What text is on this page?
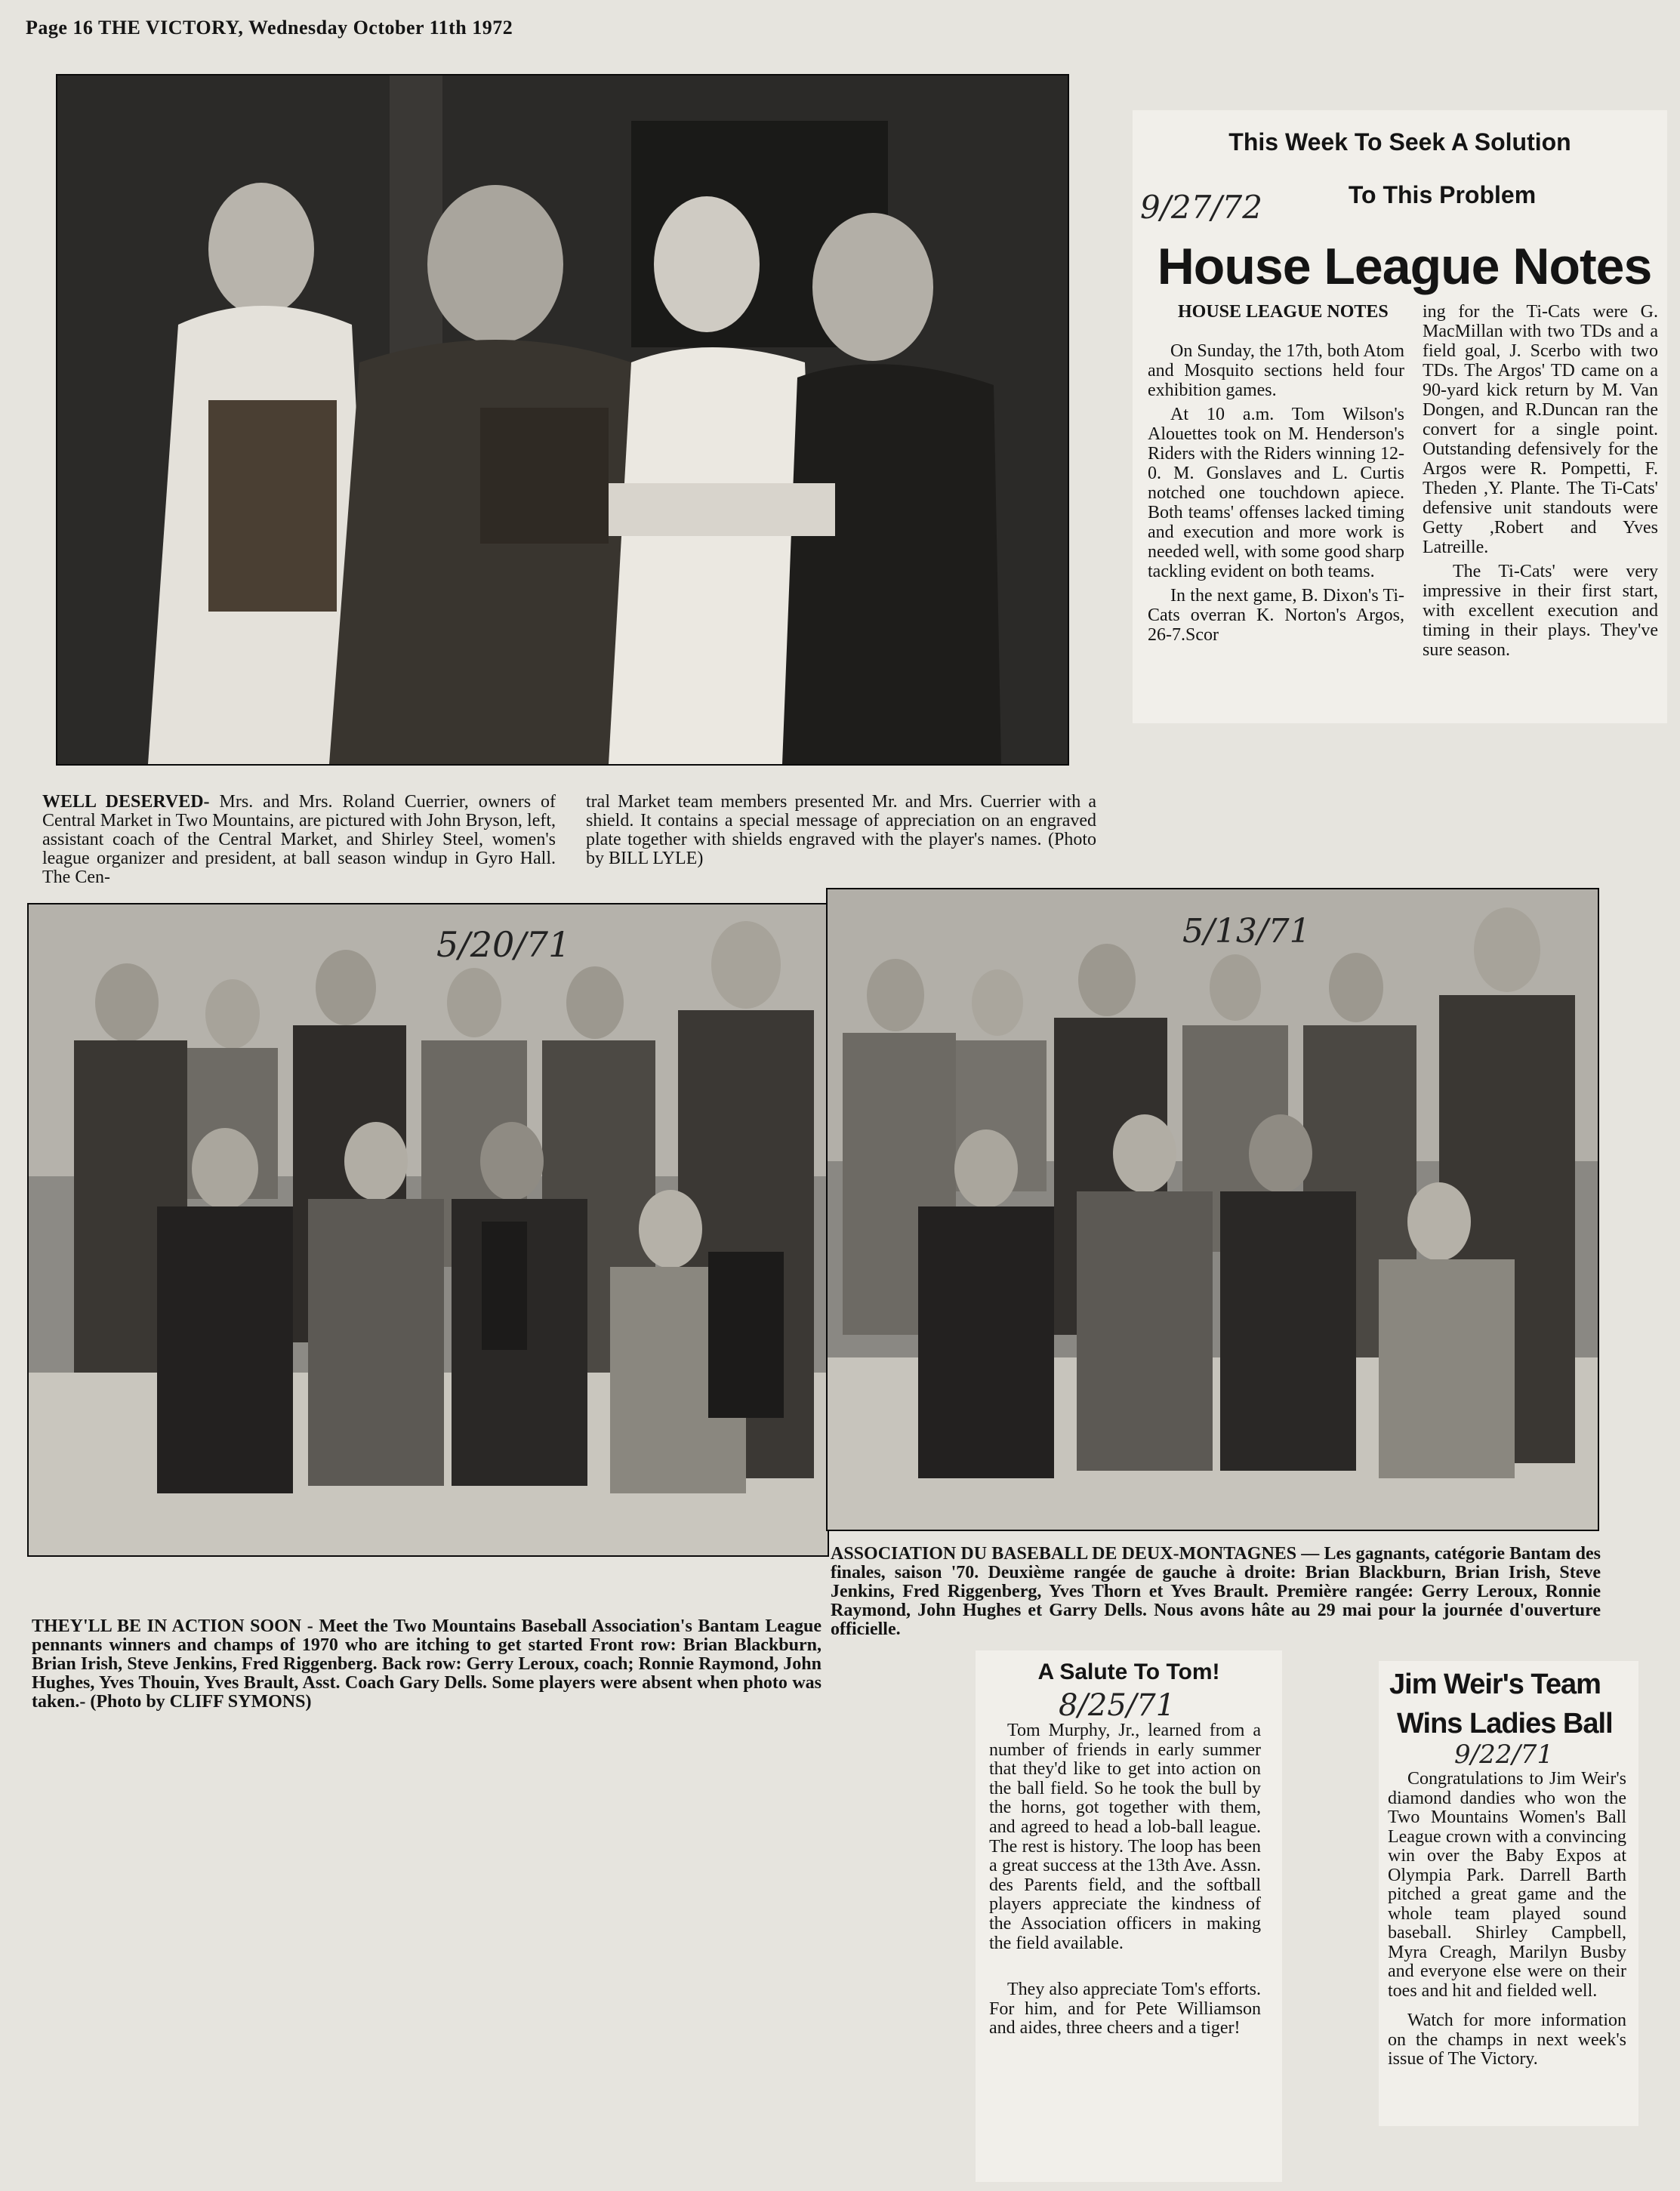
Page 16 THE VICTORY, Wednesday October 11th 1972
This Week To Seek A Solution
To This Problem
9/27/72
House League Notes
HOUSE LEAGUE NOTES

On Sunday, the 17th, both Atom and Mosquito sections held four exhibition games.

At 10 a.m. Tom Wilson's Alouettes took on M. Henderson's Riders with the Riders winning 12-0. M. Gonslaves and L. Curtis notched one touchdown apiece. Both teams' offenses lacked timing and execution and more work is needed well, with some good sharp tackling evident on both teams.

In the next game, B. Dixon's Ti-Cats overran K. Norton's Argos, 26-7.Scor

ing for the Ti-Cats were G. MacMillan with two TDs and a field goal, J. Scerbo with two TDs. The Argos' TD came on a 90-yard kick return by M. Van Dongen, and R.Duncan ran the convert for a single point. Outstanding defensively for the Argos were R. Pompetti, F. Theden ,Y. Plante. The Ti-Cats' defensive unit standouts were Getty ,Robert and Yves Latreille.

The Ti-Cats' were very impressive in their first start, with excellent execution and timing in their plays. They've sure season.

WELL DESERVED- Mrs. and Mrs. Roland Cuerrier, owners of Central Market in Two Mountains, are pictured with John Bryson, left, assistant coach of the Central Market, and Shirley Steel, women's league organizer and president, at ball season windup in Gyro Hall. The Cen-
tral Market team members presented Mr. and Mrs. Cuerrier with a shield. It contains a special message of appreciation on an engraved plate together with shields engraved with the player's names. (Photo by BILL LYLE)
5/20/71	5/13/71
ASSOCIATION DU BASEBALL DE DEUX-MONTAGNES — Les gagnants, catégorie Bantam des finales, saison '70. Deuxième rangée de gauche à droite: Brian Blackburn, Brian Irish, Steve Jenkins, Fred Riggenberg, Yves Thorn et Yves Brault. Première rangée: Gerry Leroux, Ronnie Raymond, John Hughes et Garry Dells. Nous avons hâte au 29 mai pour la journée d'ouverture officielle.
THEY'LL BE IN ACTION SOON - Meet the Two Mountains Baseball Association's Bantam League pennants winners and champs of 1970 who are itching to get started Front row: Brian Blackburn, Brian Irish, Steve Jenkins, Fred Riggenberg. Back row: Gerry Leroux, coach; Ronnie Raymond, John Hughes, Yves Thouin, Yves Brault, Asst. Coach Gary Dells. Some players were absent when photo was taken.- (Photo by CLIFF SYMONS)
A Salute To Tom!
8/25/71

Tom Murphy, Jr., learned from a number of friends in early summer that they'd like to get into action on the ball field. So he took the bull by the horns, got together with them, and agreed to head a lob-ball league. The rest is history. The loop has been a great success at the 13th Ave. Assn. des Parents field, and the softball players appreciate the kindness of the Association officers in making the field available.

They also appreciate Tom's efforts. For him, and for Pete Williamson and aides, three cheers and a tiger!

Jim Weir's Team
Wins Ladies Ball
9/22/71

Congratulations to Jim Weir's diamond dandies who won the Two Mountains Women's Ball League crown with a convincing win over the Baby Expos at Olympia Park. Darrell Barth pitched a great game and the whole team played sound baseball. Shirley Campbell, Myra Creagh, Marilyn Busby and everyone else were on their toes and hit and fielded well.

Watch for more information on the champs in next week's issue of The Victory.
